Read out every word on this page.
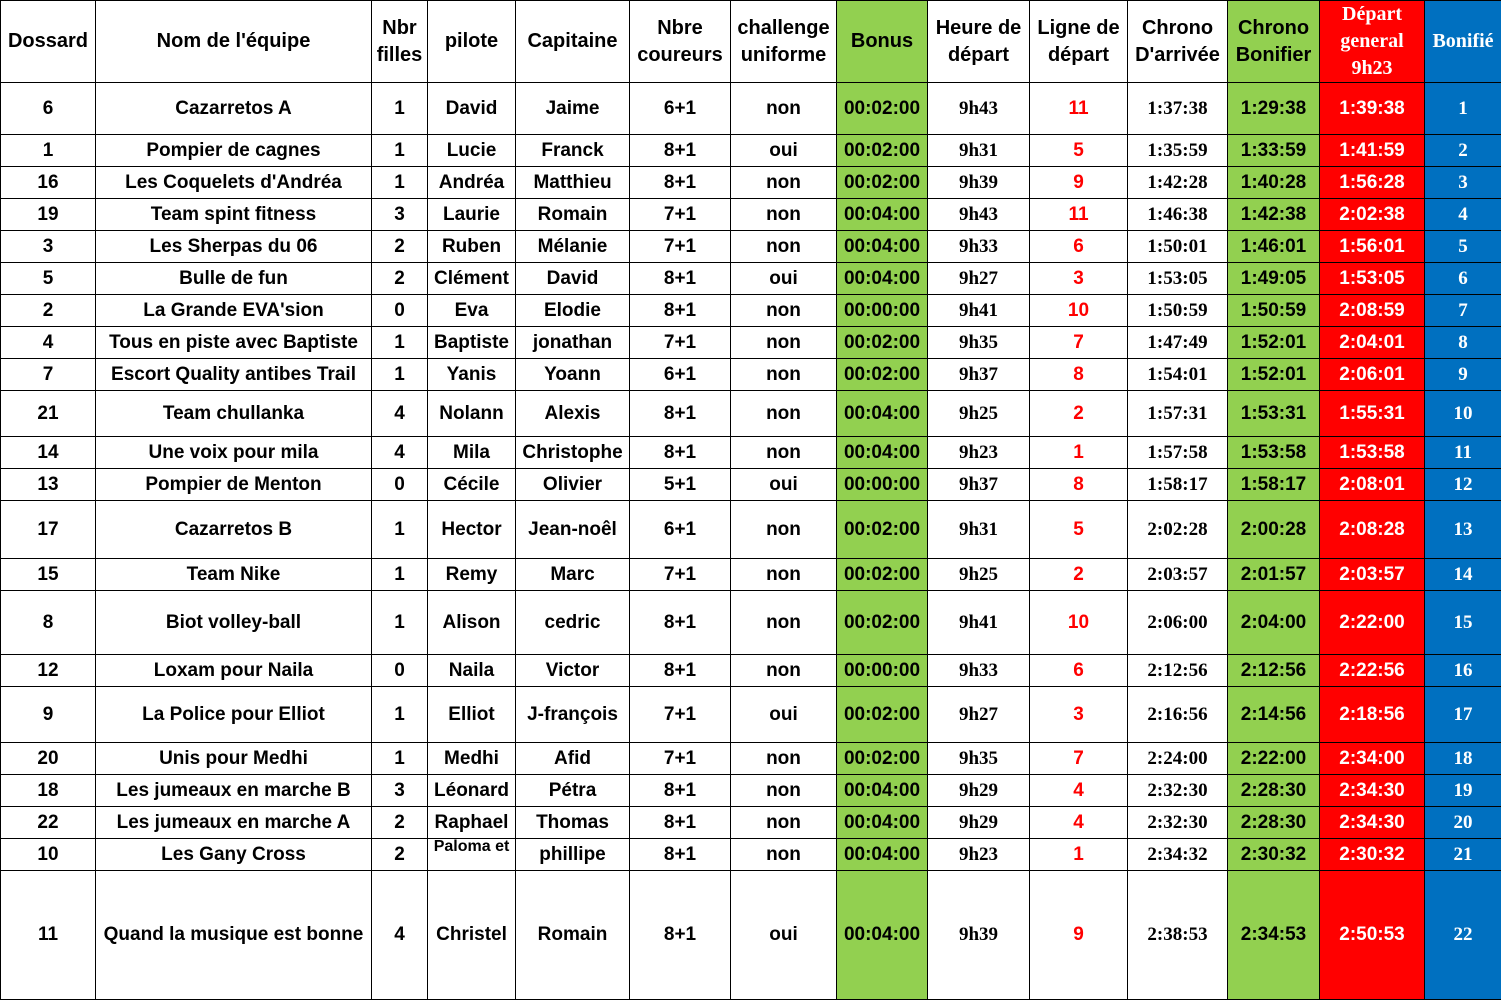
Dossard	Nom de l'équipe	Nbr filles	pilote	Capitaine	Nbre coureurs	challenge uniforme	Bonus	Heure de départ	Ligne de départ	Chrono D'arrivée	Chrono Bonifier	Départ general 9h23	Bonifié
6	Cazarretos A	1	David	Jaime	6+1	non	00:02:00	9h43	11	1:37:38	1:29:38	1:39:38	1
1	Pompier de cagnes	1	Lucie	Franck	8+1	oui	00:02:00	9h31	5	1:35:59	1:33:59	1:41:59	2
16	Les Coquelets d'Andréa	1	Andréa	Matthieu	8+1	non	00:02:00	9h39	9	1:42:28	1:40:28	1:56:28	3
19	Team spint fitness	3	Laurie	Romain	7+1	non	00:04:00	9h43	11	1:46:38	1:42:38	2:02:38	4
3	Les Sherpas du 06	2	Ruben	Mélanie	7+1	non	00:04:00	9h33	6	1:50:01	1:46:01	1:56:01	5
5	Bulle de fun	2	Clément	David	8+1	oui	00:04:00	9h27	3	1:53:05	1:49:05	1:53:05	6
2	La Grande EVA'sion	0	Eva	Elodie	8+1	non	00:00:00	9h41	10	1:50:59	1:50:59	2:08:59	7
4	Tous en piste avec Baptiste	1	Baptiste	jonathan	7+1	non	00:02:00	9h35	7	1:47:49	1:52:01	2:04:01	8
7	Escort Quality antibes Trail	1	Yanis	Yoann	6+1	non	00:02:00	9h37	8	1:54:01	1:52:01	2:06:01	9
21	Team chullanka	4	Nolann	Alexis	8+1	non	00:04:00	9h25	2	1:57:31	1:53:31	1:55:31	10
14	Une voix pour mila	4	Mila	Christophe	8+1	non	00:04:00	9h23	1	1:57:58	1:53:58	1:53:58	11
13	Pompier de Menton	0	Cécile	Olivier	5+1	oui	00:00:00	9h37	8	1:58:17	1:58:17	2:08:01	12
17	Cazarretos B	1	Hector	Jean-noêl	6+1	non	00:02:00	9h31	5	2:02:28	2:00:28	2:08:28	13
15	Team Nike	1	Remy	Marc	7+1	non	00:02:00	9h25	2	2:03:57	2:01:57	2:03:57	14
8	Biot volley-ball	1	Alison	cedric	8+1	non	00:02:00	9h41	10	2:06:00	2:04:00	2:22:00	15
12	Loxam pour Naila	0	Naila	Victor	8+1	non	00:00:00	9h33	6	2:12:56	2:12:56	2:22:56	16
9	La Police pour Elliot	1	Elliot	J-françois	7+1	oui	00:02:00	9h27	3	2:16:56	2:14:56	2:18:56	17
20	Unis pour Medhi	1	Medhi	Afid	7+1	non	00:02:00	9h35	7	2:24:00	2:22:00	2:34:00	18
18	Les jumeaux en marche B	3	Léonard	Pétra	8+1	non	00:04:00	9h29	4	2:32:30	2:28:30	2:34:30	19
22	Les jumeaux en marche A	2	Raphael	Thomas	8+1	non	00:04:00	9h29	4	2:32:30	2:28:30	2:34:30	20
10	Les Gany Cross	2	Paloma et	phillipe	8+1	non	00:04:00	9h23	1	2:34:32	2:30:32	2:30:32	21
11	Quand la musique est bonne	4	Christel	Romain	8+1	oui	00:04:00	9h39	9	2:38:53	2:34:53	2:50:53	22
